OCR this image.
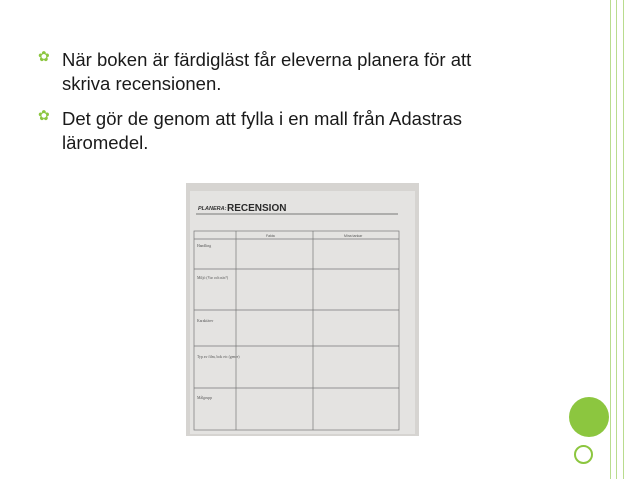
✿ När boken är färdigläst får eleverna planera för att
skriva recensionen.
✿ Det gör de genom att fylla i en mall från Adastras
läromedel.
PLANERA: RECENSION
Fakta	Mina tankar
Handling
Miljö (Var och när?)
Karaktärer
Typ av film, bok etc (genre)
Målgrupp
